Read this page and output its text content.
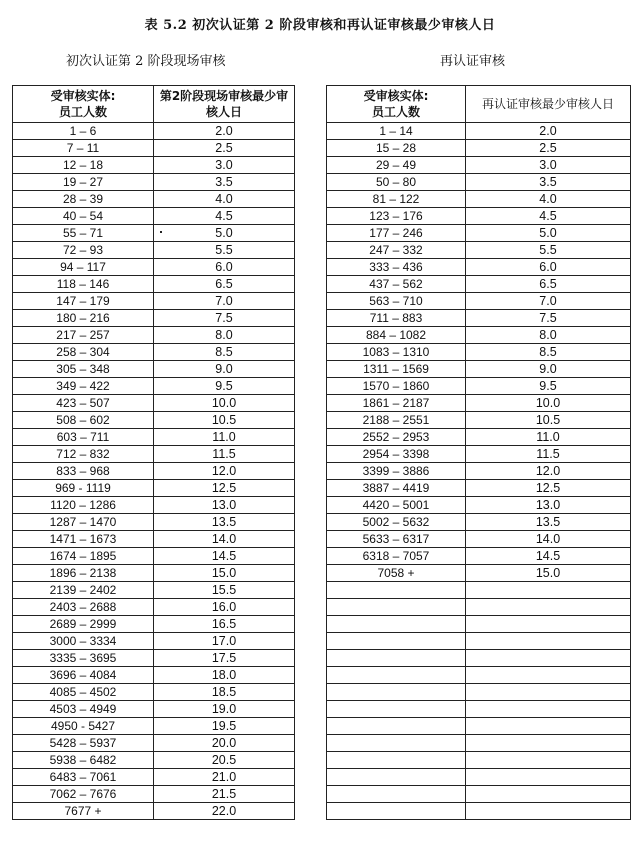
表 5.2 初次认证第 2 阶段审核和再认证审核最少审核人日
初次认证第 2 阶段现场审核	再认证审核
受审核实体:
员工人数	第2阶段现场审核最少审核人日
1 – 6	2.0
7 – 11	2.5
12 – 18	3.0
19 – 27	3.5
28 – 39	4.0
40 – 54	4.5
55 – 71	5.0
72 – 93	5.5
94 – 117	6.0
118 – 146	6.5
147 – 179	7.0
180 – 216	7.5
217 – 257	8.0
258 – 304	8.5
305 – 348	9.0
349 – 422	9.5
423 – 507	10.0
508 – 602	10.5
603 – 711	11.0
712 – 832	11.5
833 – 968	12.0
969 - 1119	12.5
1120 – 1286	13.0
1287 – 1470	13.5
1471 – 1673	14.0
1674 – 1895	14.5
1896 – 2138	15.0
2139 – 2402	15.5
2403 – 2688	16.0
2689 – 2999	16.5
3000 – 3334	17.0
3335 – 3695	17.5
3696 – 4084	18.0
4085 – 4502	18.5
4503 – 4949	19.0
4950 - 5427	19.5
5428 – 5937	20.0
5938 – 6482	20.5
6483 – 7061	21.0
7062 – 7676	21.5
7677 +	22.0
受审核实体:
员工人数	再认证审核最少审核人日
1 – 14	2.0
15 – 28	2.5
29 – 49	3.0
50 – 80	3.5
81 – 122	4.0
123 – 176	4.5
177 – 246	5.0
247 – 332	5.5
333 – 436	6.0
437 – 562	6.5
563 – 710	7.0
711 – 883	7.5
884 – 1082	8.0
1083 – 1310	8.5
1311 – 1569	9.0
1570 – 1860	9.5
1861 – 2187	10.0
2188 – 2551	10.5
2552 – 2953	11.0
2954 – 3398	11.5
3399 – 3886	12.0
3887 – 4419	12.5
4420 – 5001	13.0
5002 – 5632	13.5
5633 – 6317	14.0
6318 – 7057	14.5
7058 +	15.0
